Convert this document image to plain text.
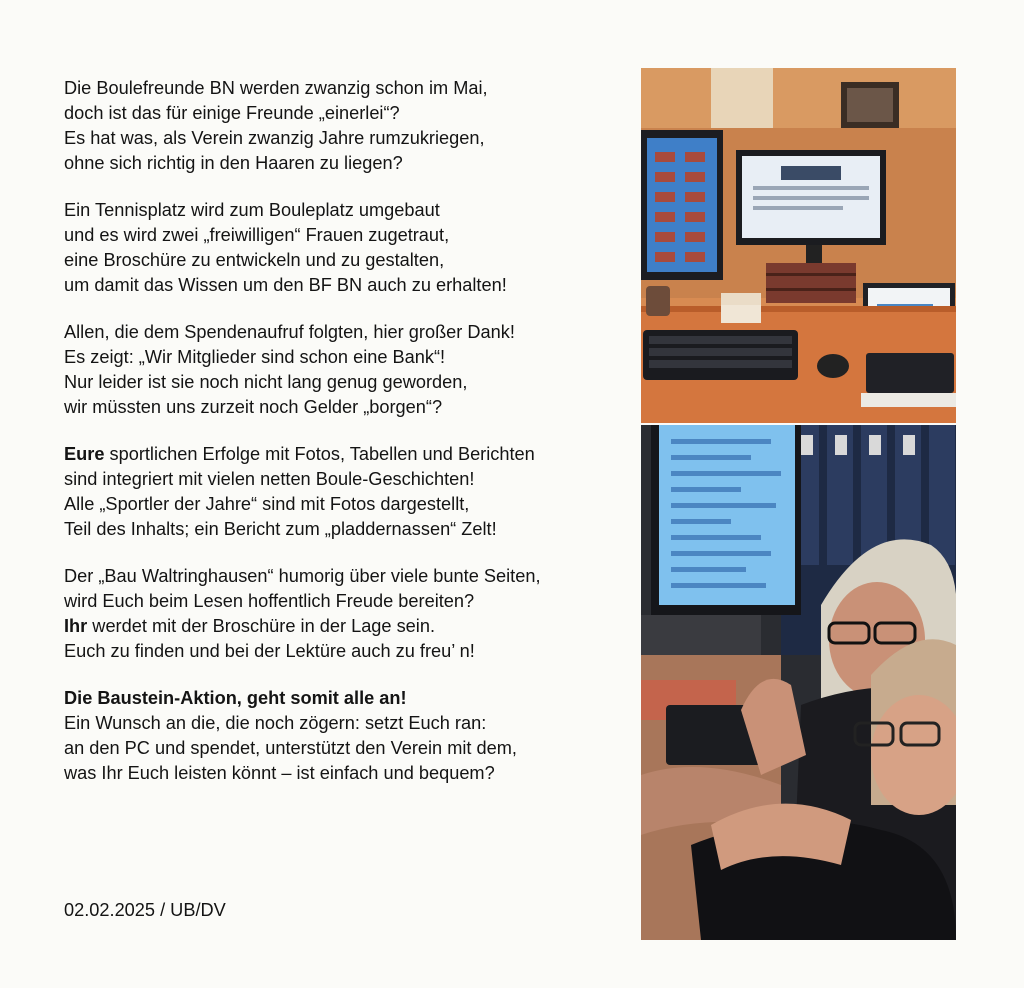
Die Boulefreunde BN werden zwanzig schon im Mai,
doch ist das für einige Freunde „einerlei“?
Es hat was, als Verein zwanzig Jahre rumzukriegen,
ohne sich richtig in den Haaren zu liegen?
Ein Tennisplatz wird zum Bouleplatz umgebaut
und es wird zwei „freiwilligen“ Frauen zugetraut,
eine Broschüre zu entwickeln und zu gestalten,
um damit das Wissen um den BF BN auch zu erhalten!
Allen, die dem Spendenaufruf folgten, hier großer Dank!
Es zeigt: „Wir Mitglieder sind schon eine Bank“!
Nur leider ist sie noch nicht lang genug geworden,
wir müssten uns zurzeit noch Gelder „borgen“?
Eure sportlichen Erfolge mit Fotos, Tabellen und Berichten
sind integriert mit vielen netten Boule-Geschichten!
Alle „Sportler der Jahre“ sind mit Fotos dargestellt,
Teil des Inhalts; ein Bericht zum „pladdernassen“ Zelt!
Der „Bau Waltringhausen“ humorig über viele bunte Seiten,
wird Euch beim Lesen hoffentlich Freude bereiten?
Ihr werdet mit der Broschüre in der Lage sein.
Euch zu finden und bei der Lektüre auch zu freu’ n!
Die Baustein-Aktion, geht somit alle an!
Ein Wunsch an die, die noch zögern: setzt Euch ran:
an den PC und spendet, unterstützt den Verein mit dem,
was Ihr Euch leisten könnt – ist einfach und bequem?
02.02.2025 / UB/DV
